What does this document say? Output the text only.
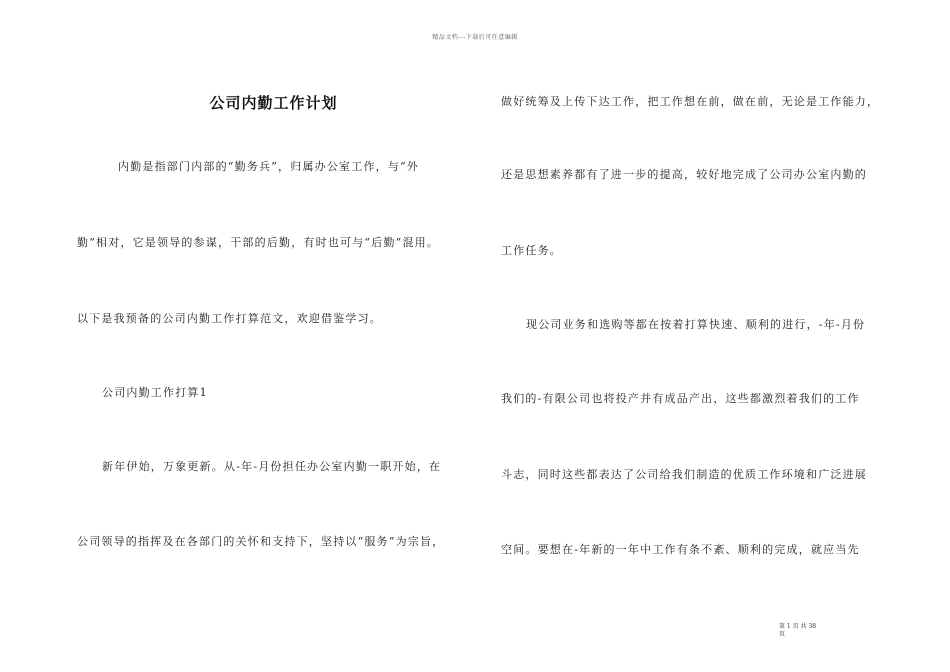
精品文档---下载后可任意编辑
公司内勤工作计划
内勤是指部门内部的“勤务兵”，归属办公室工作，与“外
勤”相对，它是领导的参谋，干部的后勤，有时也可与“后勤”混用。
以下是我预备的公司内勤工作打算范文，欢迎借鉴学习。
公司内勤工作打算1
新年伊始，万象更新。从-年-月份担任办公室内勤一职开始，在
公司领导的指挥及在各部门的关怀和支持下，坚持以“服务”为宗旨，
做好统筹及上传下达工作，把工作想在前，做在前，无论是工作能力，
还是思想素养都有了进一步的提高，较好地完成了公司办公室内勤的
工作任务。
现公司业务和选购等都在按着打算快速、顺利的进行，-年-月份
我们的-有限公司也将投产并有成品产出，这些都激烈着我们的工作
斗志，同时这些都表达了公司给我们制造的优质工作环境和广泛进展
空间。要想在-年新的一年中工作有条不紊、顺利的完成，就应当先
第 1 页 共 38
页
